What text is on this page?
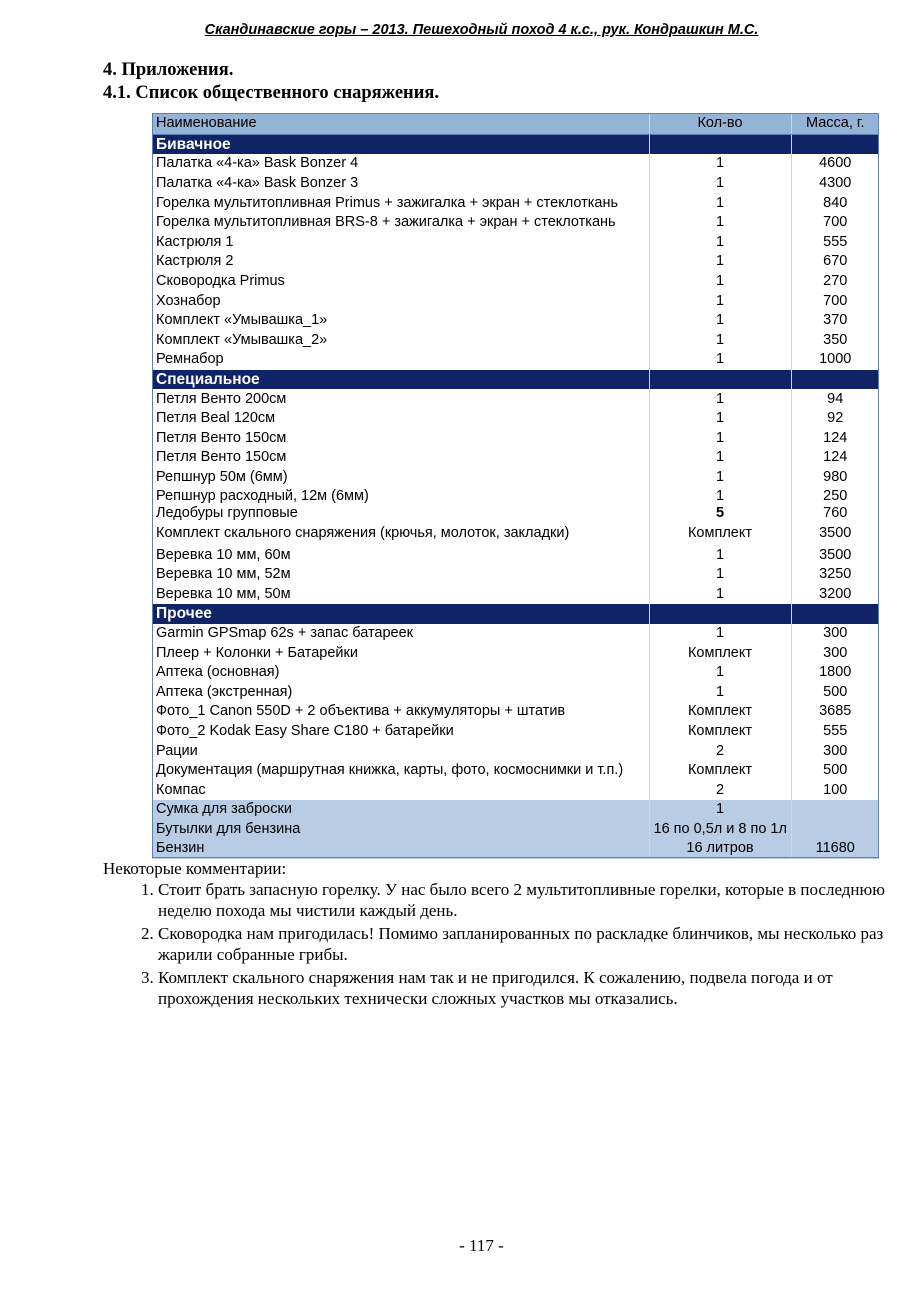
Скандинавские горы – 2013. Пешеходный поход 4 к.с., рук. Кондрашкин М.С.
4. Приложения.
4.1. Список общественного снаряжения.
Наименование	Кол-во	Масса, г.
Бивачное		
Палатка «4-ка» Bask Bonzer 4	1	4600
Палатка «4-ка» Bask Bonzer 3	1	4300
Горелка мультитопливная Primus + зажигалка + экран + стеклоткань	1	840
Горелка мультитопливная BRS-8 + зажигалка + экран + стеклоткань	1	700
Кастрюля 1	1	555
Кастрюля 2	1	670
Сковородка Primus	1	270
Хознабор	1	700
Комплект «Умывашка_1»	1	370
Комплект «Умывашка_2»	1	350
Ремнабор	1	1000
Специальное		
Петля Венто 200см	1	94
Петля Beal 120см	1	92
Петля Венто 150см	1	124
Петля Венто 150см	1	124
Репшнур 50м (6мм)	1	980
Репшнур расходный, 12м (6мм)	1	250
Ледобуры групповые	5	760
Комплект скального снаряжения (крючья, молоток, закладки)	Комплект	3500
Веревка 10 мм, 60м	1	3500
Веревка 10 мм, 52м	1	3250
Веревка 10 мм, 50м	1	3200
Прочее		
Garmin GPSmap 62s + запас батареек	1	300
Плеер + Колонки + Батарейки	Комплект	300
Аптека (основная)	1	1800
Аптека (экстренная)	1	500
Фото_1 Canon 550D + 2 объектива + аккумуляторы + штатив	Комплект	3685
Фото_2 Kodak Easy Share C180 + батарейки	Комплект	555
Рации	2	300
Документация (маршрутная книжка, карты, фото, космоснимки и т.п.)	Комплект	500
Компас	2	100
Сумка для заброски	1	
Бутылки для бензина	16 по 0,5л и 8 по 1л	
Бензин	16 литров	11680
Некоторые комментарии:
1. Стоит брать запасную горелку. У нас было всего 2 мультитопливные горелки, которые в последнюю неделю похода мы чистили каждый день.
2. Сковородка нам пригодилась! Помимо запланированных по раскладке блинчиков, мы несколько раз жарили собранные грибы.
3. Комплект скального снаряжения нам так и не пригодился. К сожалению, подвела погода и от прохождения нескольких технически сложных участков мы отказались.
- 117 -
